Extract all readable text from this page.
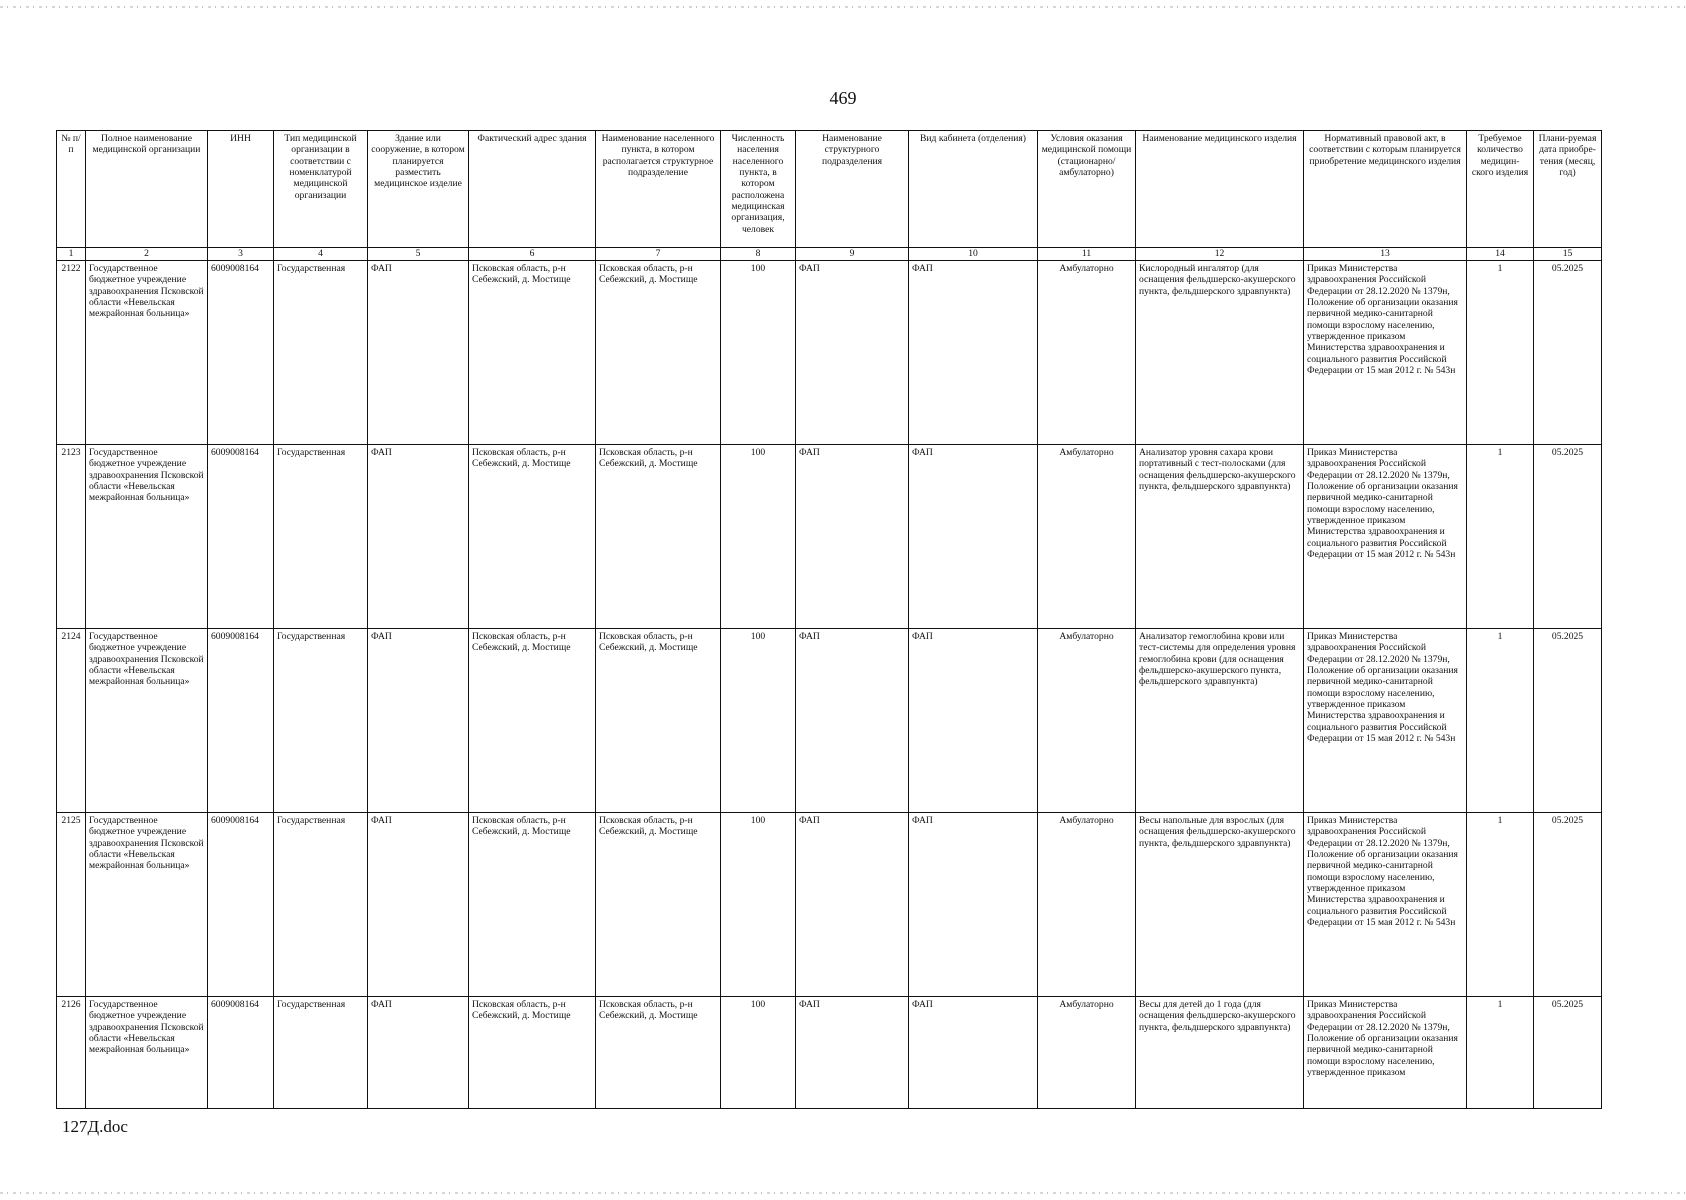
469
№ п/п	Полное наименование медицинской организации	ИНН	Тип медицинской организации в соответствии с номенклатурой медицинской организации	Здание или сооружение, в котором планируется разместить медицинское изделие	Фактический адрес здания	Наименование населенного пункта, в котором располагается структурное подразделение	Численность населения населенного пункта, в котором расположена медицинская организация, человек	Наименование структурного подразделения	Вид кабинета (отделения)	Условия оказания медицинской помощи (стационарно/ амбулаторно)	Наименование медицинского изделия	Нормативный правовой акт, в соответствии с которым планируется приобретение медицинского изделия	Требуемое количество медицин-ского изделия	Плани-руемая дата приобре-тения (месяц, год)
1	2	3	4	5	6	7	8	9	10	11	12	13	14	15
2122	Государственное бюджетное учреждение здравоохранения Псковской области «Невельская межрайонная больница»	6009008164	Государственная	ФАП	Псковская область, р-н Себежский, д. Мостище	Псковская область, р-н Себежский, д. Мостище	100	ФАП	ФАП	Амбулаторно	Кислородный ингалятор (для оснащения фельдшерско-акушерского пункта, фельдшерского здравпункта)	Приказ Министерства здравоохранения Российской Федерации от 28.12.2020 № 1379н, Положение об организации оказания первичной медико-санитарной помощи взрослому населению, утвержденное приказом Министерства здравоохранения и социального развития Российской Федерации от 15 мая 2012 г. № 543н	1	05.2025
2123	Государственное бюджетное учреждение здравоохранения Псковской области «Невельская межрайонная больница»	6009008164	Государственная	ФАП	Псковская область, р-н Себежский, д. Мостище	Псковская область, р-н Себежский, д. Мостище	100	ФАП	ФАП	Амбулаторно	Анализатор уровня сахара крови портативный с тест-полосками (для оснащения фельдшерско-акушерского пункта, фельдшерского здравпункта)	Приказ Министерства здравоохранения Российской Федерации от 28.12.2020 № 1379н, Положение об организации оказания первичной медико-санитарной помощи взрослому населению, утвержденное приказом Министерства здравоохранения и социального развития Российской Федерации от 15 мая 2012 г. № 543н	1	05.2025
2124	Государственное бюджетное учреждение здравоохранения Псковской области «Невельская межрайонная больница»	6009008164	Государственная	ФАП	Псковская область, р-н Себежский, д. Мостище	Псковская область, р-н Себежский, д. Мостище	100	ФАП	ФАП	Амбулаторно	Анализатор гемоглобина крови или тест-системы для определения уровня гемоглобина крови (для оснащения фельдшерско-акушерского пункта, фельдшерского здравпункта)	Приказ Министерства здравоохранения Российской Федерации от 28.12.2020 № 1379н, Положение об организации оказания первичной медико-санитарной помощи взрослому населению, утвержденное приказом Министерства здравоохранения и социального развития Российской Федерации от 15 мая 2012 г. № 543н	1	05.2025
2125	Государственное бюджетное учреждение здравоохранения Псковской области «Невельская межрайонная больница»	6009008164	Государственная	ФАП	Псковская область, р-н Себежский, д. Мостище	Псковская область, р-н Себежский, д. Мостище	100	ФАП	ФАП	Амбулаторно	Весы напольные для взрослых (для оснащения фельдшерско-акушерского пункта, фельдшерского здравпункта)	Приказ Министерства здравоохранения Российской Федерации от 28.12.2020 № 1379н, Положение об организации оказания первичной медико-санитарной помощи взрослому населению, утвержденное приказом Министерства здравоохранения и социального развития Российской Федерации от 15 мая 2012 г. № 543н	1	05.2025
2126	Государственное бюджетное учреждение здравоохранения Псковской области «Невельская межрайонная больница»	6009008164	Государственная	ФАП	Псковская область, р-н Себежский, д. Мостище	Псковская область, р-н Себежский, д. Мостище	100	ФАП	ФАП	Амбулаторно	Весы для детей до 1 года (для оснащения фельдшерско-акушерского пункта, фельдшерского здравпункта)	Приказ Министерства здравоохранения Российской Федерации от 28.12.2020 № 1379н, Положение об организации оказания первичной медико-санитарной помощи взрослому населению, утвержденное приказом	1	05.2025
127Д.doc
